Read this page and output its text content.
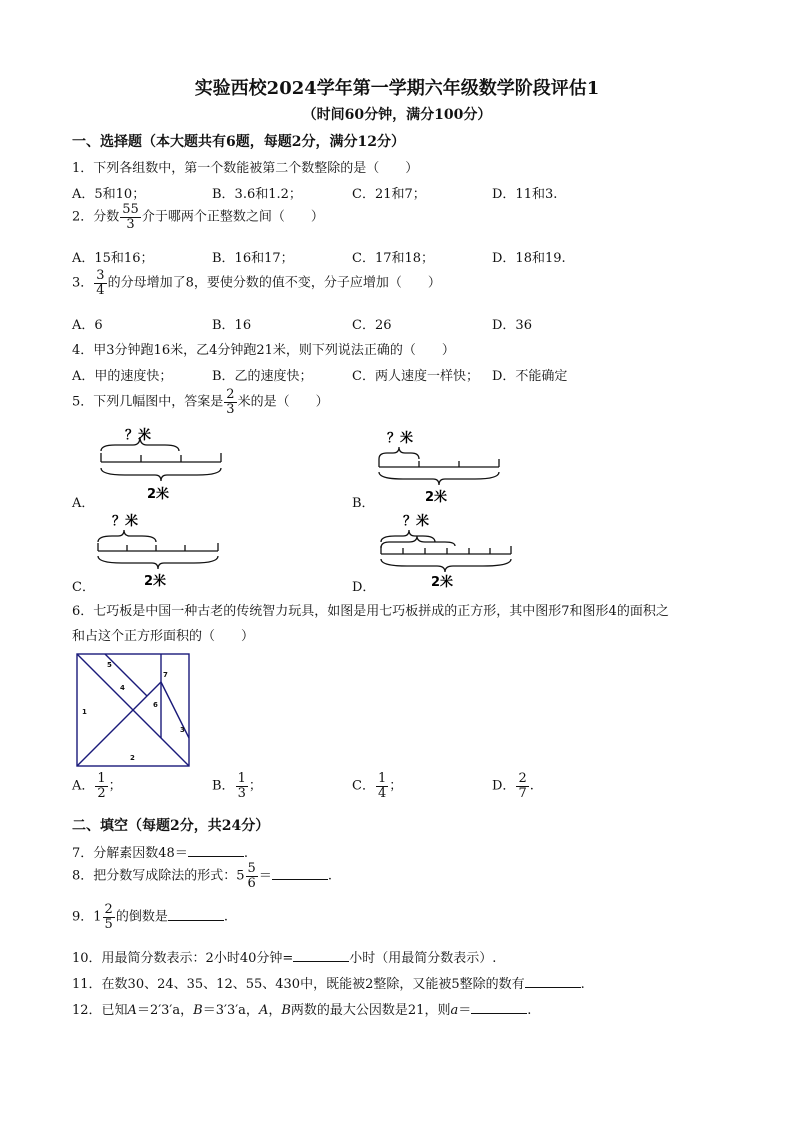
实验西校2024学年第一学期六年级数学阶段评估1
（时间60分钟，满分100分）
一、选择题（本大题共有6题，每题2分，满分12分）
1．下列各组数中，第一个数能被第二个数整除的是（　　）
A．5和10；	B．3.6和1.2；	C．21和7；	D．11和3.
2．分数 $\frac{55}{3}$ 介于哪两个正整数之间（　　）
A．15和16；	B．16和17；	C．17和18；	D．18和19.
3． $\frac{3}{4}$ 的分母增加了8，要使分数的值不变，分子应增加（　　）
A．6	B．16	C．26	D．36
4．甲3分钟跑16米，乙4分钟跑21米，则下列说法正确的（　　）
A．甲的速度快；	B．乙的速度快；	C．两人速度一样快； D．不能确定
5．下列几幅图中，答案是 $\frac{2}{3}$ 米的是（　　）
？米
2米
A．
？米
2米
B．
？米
2米
C．
？米
2米
D．
6．七巧板是中国一种古老的传统智力玩具，如图是用七巧板拼成的正方形，其中图形7和图形4的面积之
和占这个正方形面积的（　　）
1
2
3
4
5
6
7
A． $\frac{1}{2}$ ；	B． $\frac{1}{3}$ ；	C． $\frac{1}{4}$ ；	D． $\frac{2}{7}$ .
二、填空（每题2分，共24分）
7．分解素因数48＝	.
8．把分数写成除法的形式：$5 \frac{5}{6}$ ＝	.
9．$1 \frac{2}{5}$ 的倒数是	.
10．用最简分数表示：2小时40分钟=	小时（用最简分数表示）.
11．在数30、24、35、12、55、430中，既能被2整除，又能被5整除的数有	.
12．已知A＝2′3′a，B＝3′3′a，A，B两数的最大公因数是21，则a＝	.
